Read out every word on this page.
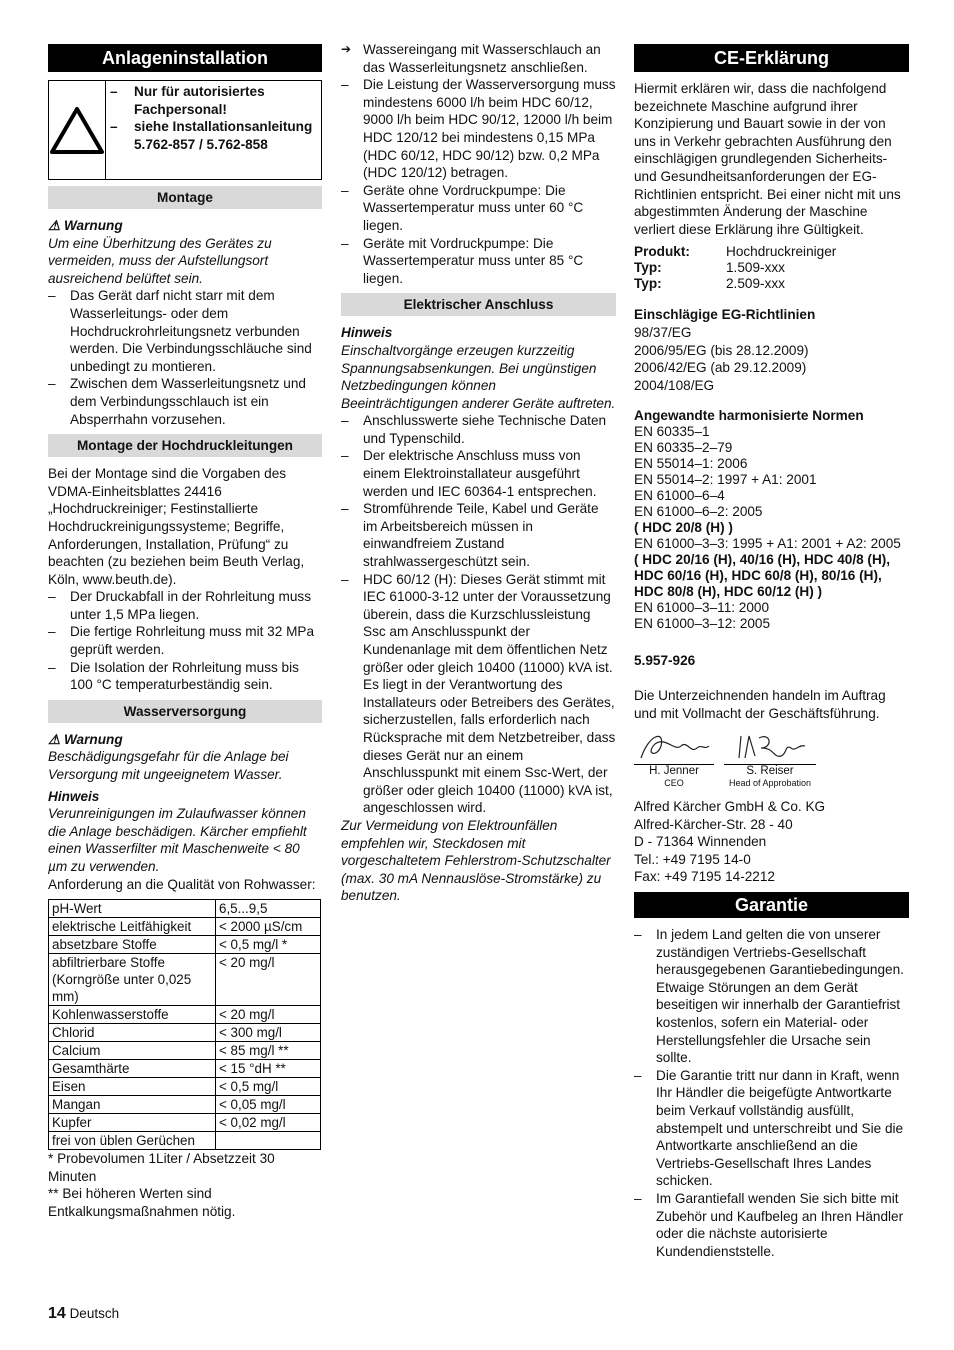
Anlageninstallation
– Nur für autorisiertes Fachpersonal!
– siehe Installationsanleitung 5.762-857 / 5.762-858
Montage

⚠ Warnung

Um eine Überhitzung des Gerätes zu vermeiden, muss der Aufstellungsort ausreichend belüftet sein.

– Das Gerät darf nicht starr mit dem Wasserleitungs- oder dem Hochdruckrohrleitungsnetz verbunden werden. Die Verbindungsschläuche sind unbedingt zu montieren.
– Zwischen dem Wasserleitungsnetz und dem Verbindungsschlauch ist ein Absperrhahn vorzusehen.
Montage der Hochdruckleitungen

Bei der Montage sind die Vorgaben des VDMA-Einheitsblattes 24416 „Hochdruckreiniger; Festinstallierte Hochdruckreinigungssysteme; Begriffe, Anforderungen, Installation, Prüfung“ zu beachten (zu beziehen beim Beuth Verlag, Köln, www.beuth.de).

– Der Druckabfall in der Rohrleitung muss unter 1,5 MPa liegen.
– Die fertige Rohrleitung muss mit 32 MPa geprüft werden.
– Die Isolation der Rohrleitung muss bis 100 °C temperaturbeständig sein.
Wasserversorgung

⚠ Warnung

Beschädigungsgefahr für die Anlage bei Versorgung mit ungeeignetem Wasser.

Hinweis

Verunreinigungen im Zulaufwasser können die Anlage beschädigen. Kärcher empfiehlt einen Wasserfilter mit Maschenweite < 80 µm zu verwenden.

Anforderung an die Qualität von Rohwasser:

pH-Wert	6,5...9,5
elektrische Leitfähigkeit	< 2000 µS/cm
absetzbare Stoffe	< 0,5 mg/l *
abfiltrierbare Stoffe (Korngröße unter 0,025 mm)	< 20 mg/l
Kohlenwasserstoffe	< 20 mg/l
Chlorid	< 300 mg/l
Calcium	< 85 mg/l **
Gesamthärte	< 15 °dH **
Eisen	< 0,5 mg/l
Mangan	< 0,05 mg/l
Kupfer	< 0,02 mg/l
frei von üblen Gerüchen	

* Probevolumen 1Liter / Absetzzeit 30 Minuten

** Bei höheren Werten sind Entkalkungsmaßnahmen nötig.

➔ Wassereingang mit Wasserschlauch an das Wasserleitungsnetz anschließen.
– Die Leistung der Wasserversorgung muss mindestens 6000 l/h beim HDC 60/12, 9000 l/h beim HDC 90/12, 12000 l/h beim HDC 120/12 bei mindestens 0,15 MPa (HDC 60/12, HDC 90/12) bzw. 0,2 MPa (HDC 120/12) betragen.
– Geräte ohne Vordruckpumpe: Die Wassertemperatur muss unter 60 °C liegen.
– Geräte mit Vordruckpumpe: Die Wassertemperatur muss unter 85 °C liegen.
Elektrischer Anschluss

Hinweis

Einschaltvorgänge erzeugen kurzzeitig Spannungsabsenkungen. Bei ungünstigen Netzbedingungen können Beeinträchtigungen anderer Geräte auftreten.

– Anschlusswerte siehe Technische Daten und Typenschild.
– Der elektrische Anschluss muss von einem Elektroinstallateur ausgeführt werden und IEC 60364-1 entsprechen.
– Stromführende Teile, Kabel und Geräte im Arbeitsbereich müssen in einwandfreiem Zustand strahlwassergeschützt sein.
– HDC 60/12 (H): Dieses Gerät stimmt mit IEC 61000-3-12 unter der Voraussetzung überein, dass die Kurzschlussleistung Ssc am Anschlusspunkt der Kundenanlage mit dem öffentlichen Netz größer oder gleich 10400 (11000) kVA ist. Es liegt in der Verantwortung des Installateurs oder Betreibers des Gerätes, sicherzustellen, falls erforderlich nach Rücksprache mit dem Netzbetreiber, dass dieses Gerät nur an einem Anschlusspunkt mit einem Ssc-Wert, der größer oder gleich 10400 (11000) kVA ist, angeschlossen wird.

Zur Vermeidung von Elektrounfällen empfehlen wir, Steckdosen mit vorgeschaltetem Fehlerstrom-Schutzschalter (max. 30 mA Nennauslöse-Stromstärke) zu benutzen.

CE-Erklärung

Hiermit erklären wir, dass die nachfolgend bezeichnete Maschine aufgrund ihrer Konzipierung und Bauart sowie in der von uns in Verkehr gebrachten Ausführung den einschlägigen grundlegenden Sicherheits- und Gesundheitsanforderungen der EG-Richtlinien entspricht. Bei einer nicht mit uns abgestimmten Änderung der Maschine verliert diese Erklärung ihre Gültigkeit.

Produkt:	Hochdruckreiniger
Typ:	1.509-xxx
Typ:	2.509-xxx

Einschlägige EG-Richtlinien

98/37/EG

2006/95/EG (bis 28.12.2009)

2006/42/EG (ab 29.12.2009)

2004/108/EG

Angewandte harmonisierte Normen

EN 60335–1

EN 60335–2–79

EN 55014–1: 2006

EN 55014–2: 1997 + A1: 2001

EN 61000–6–4

EN 61000–6–2: 2005

( HDC 20/8 (H) )

EN 61000–3–3: 1995 + A1: 2001 + A2: 2005

( HDC 20/16 (H), 40/16 (H), HDC 40/8 (H), HDC 60/16 (H), HDC 60/8 (H), 80/16 (H), HDC 80/8 (H), HDC 60/12 (H) )

EN 61000–3–11: 2000

EN 61000–3–12: 2005

5.957-926

Die Unterzeichnenden handeln im Auftrag und mit Vollmacht der Geschäftsführung.

H. Jenner
CEO
S. Reiser
Head of Approbation

Alfred Kärcher GmbH & Co. KG

Alfred-Kärcher-Str. 28 - 40

D - 71364 Winnenden

Tel.: +49 7195 14-0

Fax: +49 7195 14-2212

Garantie
– In jedem Land gelten die von unserer zuständigen Vertriebs-Gesellschaft herausgegebenen Garantiebedingungen. Etwaige Störungen an dem Gerät beseitigen wir innerhalb der Garantiefrist kostenlos, sofern ein Material- oder Herstellungsfehler die Ursache sein sollte.
– Die Garantie tritt nur dann in Kraft, wenn Ihr Händler die beigefügte Antwortkarte beim Verkauf vollständig ausfüllt, abstempelt und unterschreibt und Sie die Antwortkarte anschließend an die Vertriebs-Gesellschaft Ihres Landes schicken.
– Im Garantiefall wenden Sie sich bitte mit Zubehör und Kaufbeleg an Ihren Händler oder die nächste autorisierte Kundendienststelle.
14 Deutsch
